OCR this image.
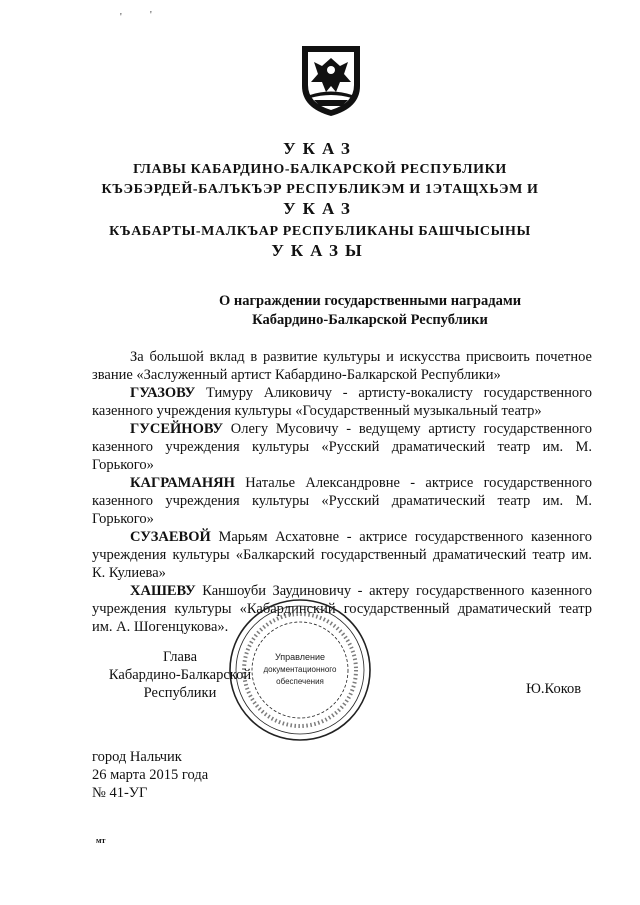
'	'
УКАЗ
ГЛАВЫ КАБАРДИНО-БАЛКАРСКОЙ РЕСПУБЛИКИ
КЪЭБЭРДЕЙ-БАЛЪКЪЭР РЕСПУБЛИКЭМ И 1ЭТАЩХЬЭМ И
УКАЗ
КЪАБАРТЫ-МАЛКЪАР РЕСПУБЛИКАНЫ БАШЧЫСЫНЫ
УКАЗЫ
О награждении государственными наградами
Кабардино-Балкарской Республики

За большой вклад в развитие культуры и искусства присвоить почетное звание «Заслуженный артист Кабардино-Балкарской Республики»

ГУАЗОВУ Тимуру Аликовичу - артисту-вокалисту государственного казенного учреждения культуры «Государственный музыкальный театр»

ГУСЕЙНОВУ Олегу Мусовичу - ведущему артисту государственного казенного учреждения культуры «Русский драматический театр им. М. Горького»

КАГРАМАНЯН Наталье Александровне - актрисе государственного казенного учреждения культуры «Русский драматический театр им. М. Горького»

СУЗАЕВОЙ Марьям Асхатовне - актрисе государственного казенного учреждения культуры «Балкарский государственный драматический театр им. К. Кулиева»

ХАШЕВУ Каншоуби Заудиновичу - актеру государственного казенного учреждения культуры «Кабардинский государственный драматический театр им. А. Шогенцукова».

Управление
документационного
обеспечения
Глава
Кабардино-Балкарской
Республики	Ю.Коков
город Нальчик
26 марта 2015 года
№ 41-УГ
мт
